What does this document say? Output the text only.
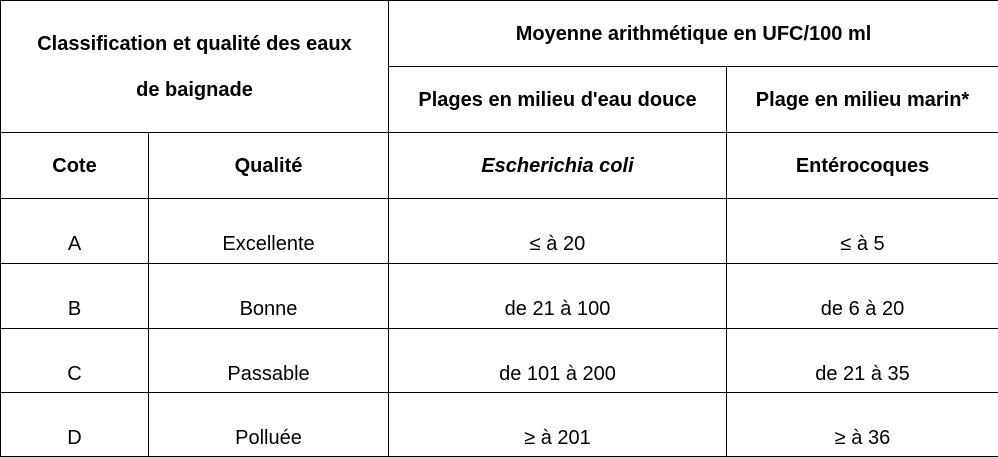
Classification et qualité des eaux
de baignade		Moyenne arithmétique en UFC/100 ml	
		Plages en milieu d'eau douce	Plage en milieu marin*
Cote	Qualité	Escherichia coli	Entérocoques
A	Excellente	≤ à 20	≤ à 5
B	Bonne	de 21 à 100	de 6 à 20
C	Passable	de 101 à 200	de 21 à 35
D	Polluée	≥ à 201	≥ à 36
